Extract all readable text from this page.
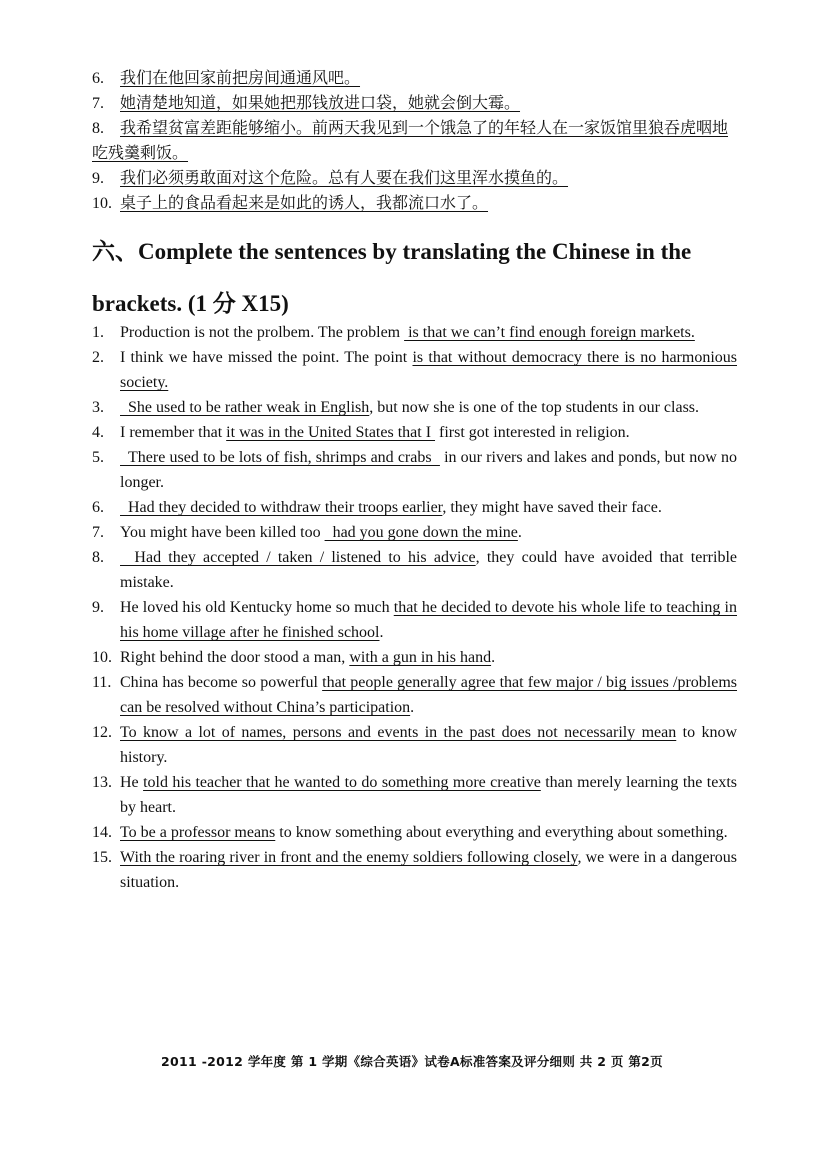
6. 我们在他回家前把房间通通风吧。
7. 她清楚地知道，如果她把那钱放进口袋，她就会倒大霉。
8. 我希望贫富差距能够缩小。前两天我见到一个饿急了的年轻人在一家饭馆里狼吞虎咽地吃残羹剩饭。
9. 我们必须勇敢面对这个危险。总有人要在我们这里浑水摸鱼的。
10. 桌子上的食品看起来是如此的诱人，我都流口水了。
六、Complete the sentences by translating the Chinese in the brackets. (1 分 X15)
1. Production is not the prolbem. The problem  is that we can’t find enough foreign markets.
2. I think we have missed the point. The point is that without democracy there is no harmonious society.
3. She used to be rather weak in English, but now she is one of the top students in our class.
4. I remember that it was in the United States that I  first got interested in religion.
5. There used to be lots of fish, shrimps and crabs   in our rivers and lakes and ponds, but now no longer.
6. Had they decided to withdraw their troops earlier, they might have saved their face.
7. You might have been killed too   had you gone down the mine.
8. Had they accepted / taken / listened to his advice, they could have avoided that terrible mistake.
9. He loved his old Kentucky home so much that he decided to devote his whole life to teaching in his home village after he finished school.
10. Right behind the door stood a man, with a gun in his hand.
11. China has become so powerful that people generally agree that few major / big issues /problems can be resolved without China’s participation.
12. To know a lot of names, persons and events in the past does not necessarily mean to know history.
13. He told his teacher that he wanted to do something more creative than merely learning the texts by heart.
14. To be a professor means to know something about everything and everything about something.
15. With the roaring river in front and the enemy soldiers following closely, we were in a dangerous situation.
2011 -2012 学年度 第 1 学期《综合英语》试卷A标准答案及评分细则 共 2 页 第2页
